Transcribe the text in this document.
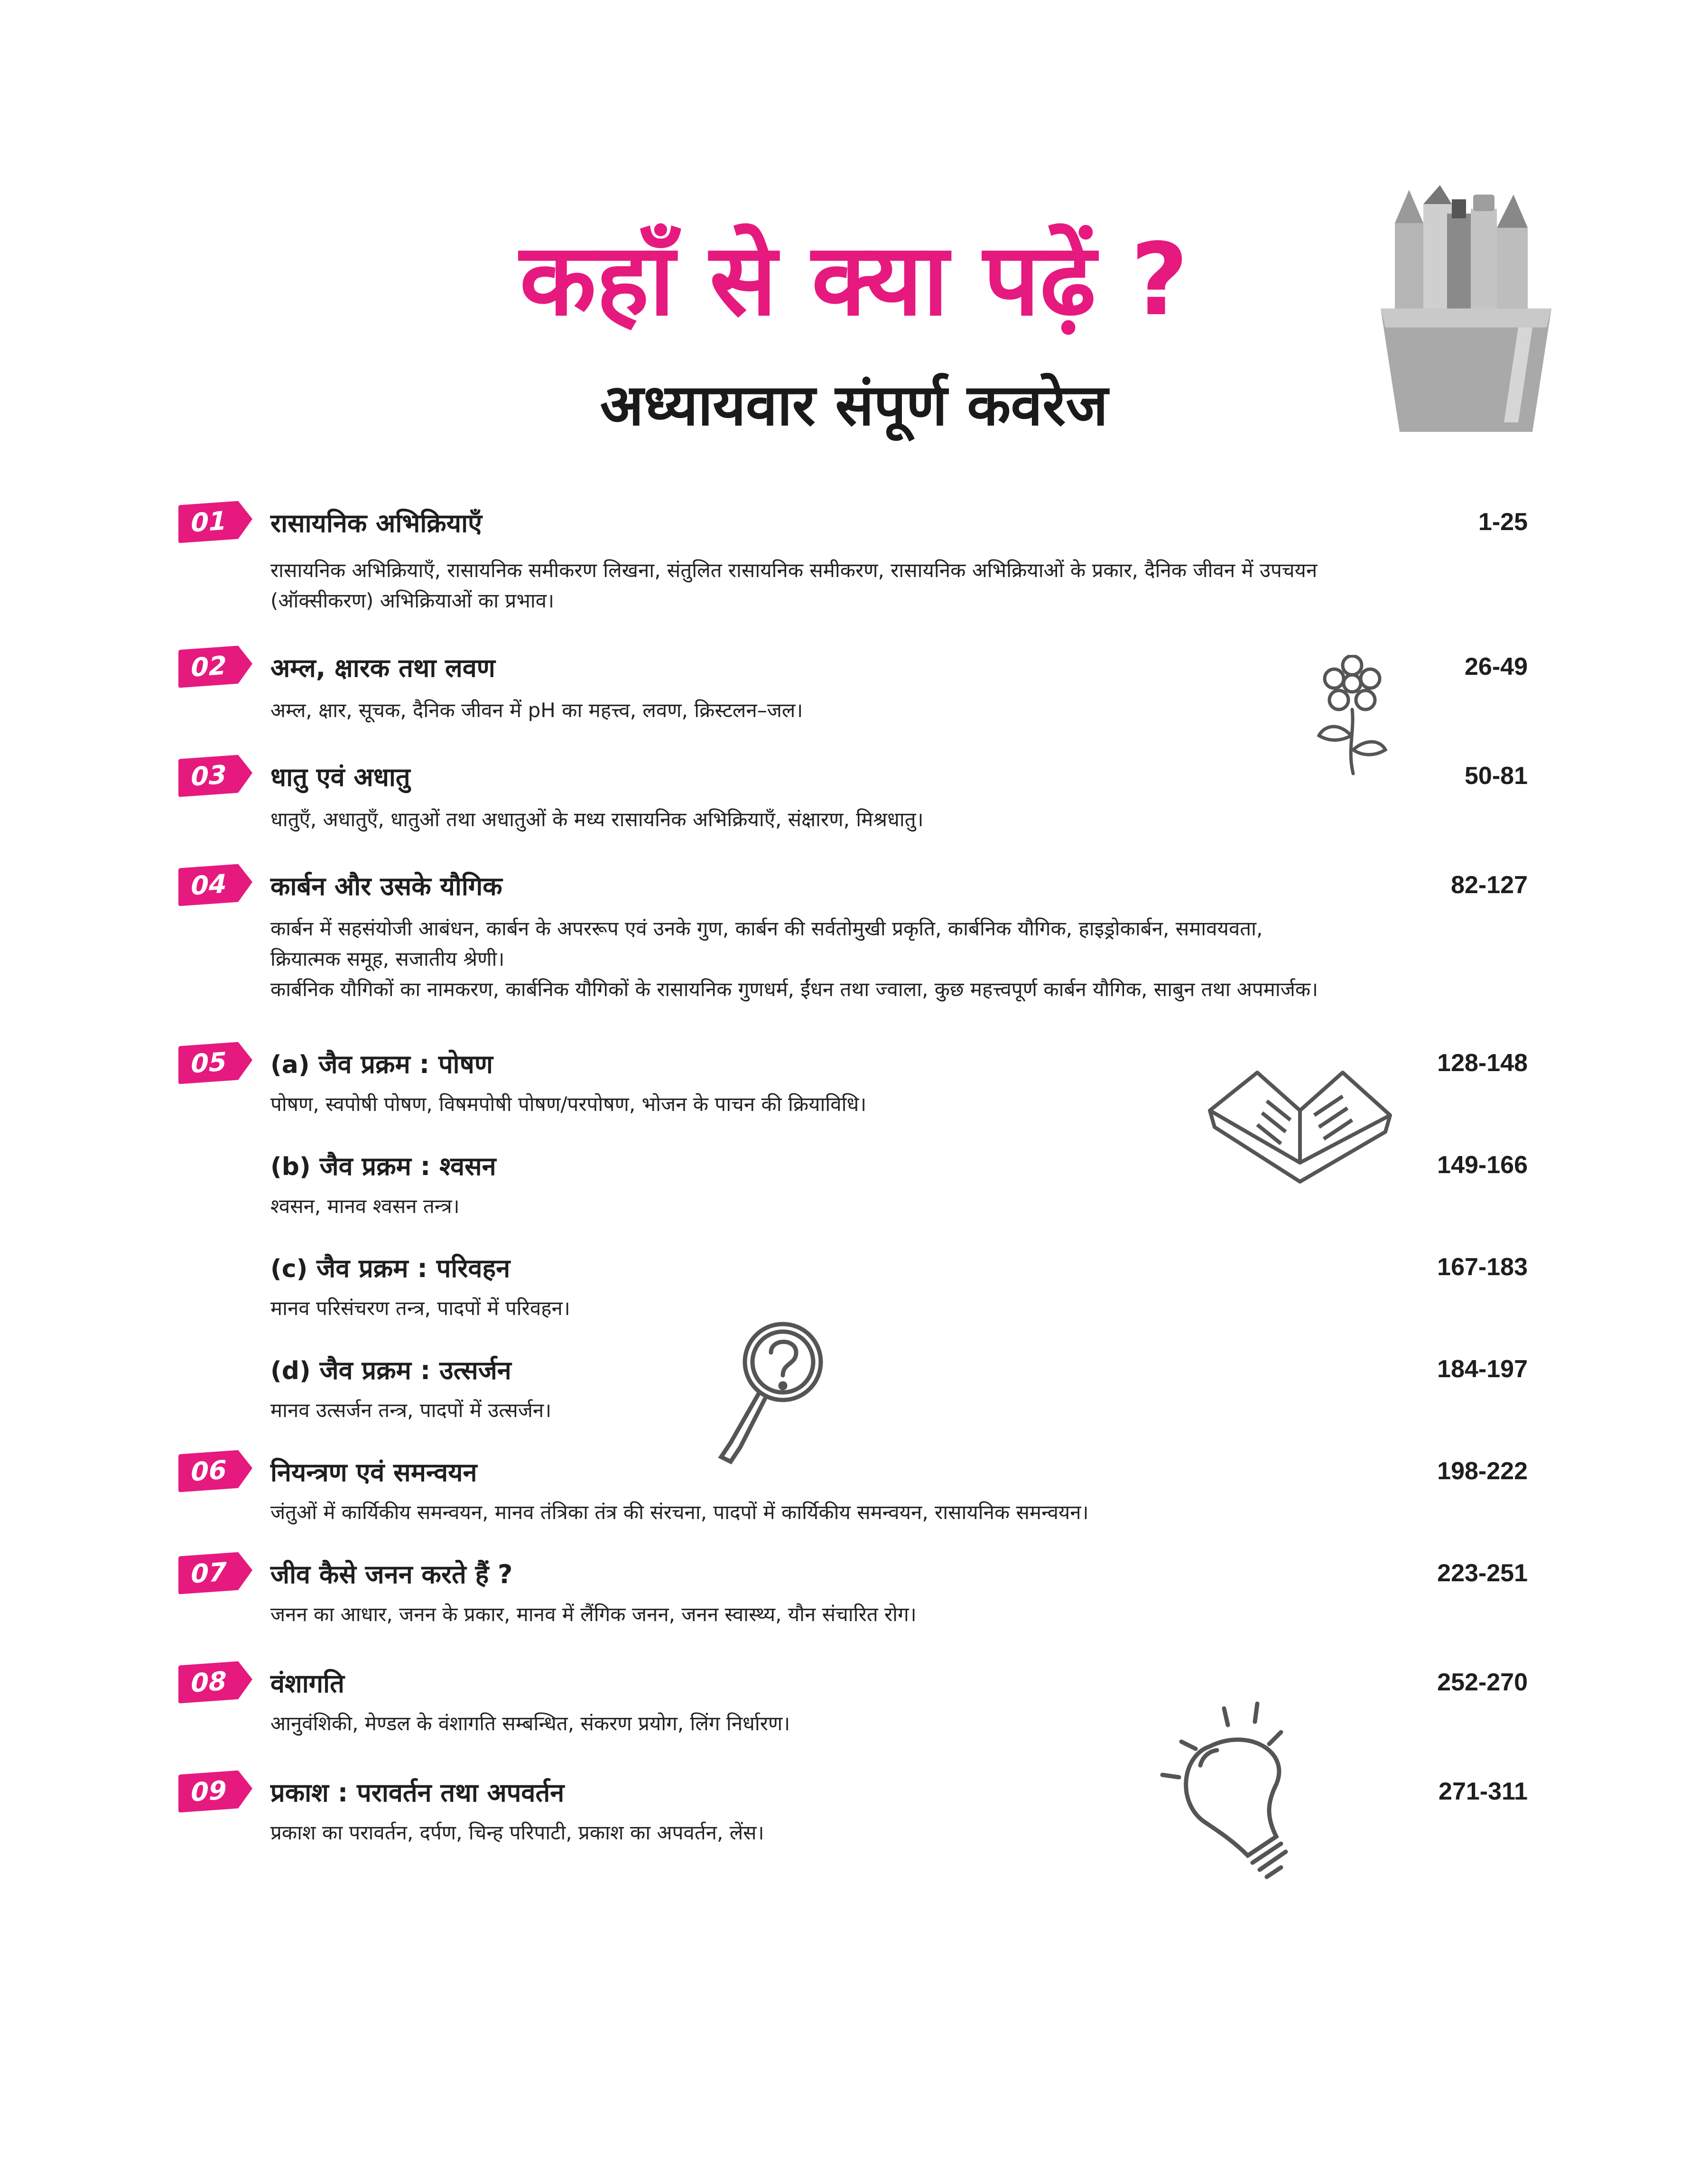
कहाँ से क्या पढ़ें ?
अध्यायवार संपूर्ण कवरेज
01	रासायनिक अभिक्रियाएँ	1-25
रासायनिक अभिक्रियाएँ, रासायनिक समीकरण लिखना, संतुलित रासायनिक समीकरण, रासायनिक अभिक्रियाओं के प्रकार, दैनिक जीवन में उपचयन
(ऑक्सीकरण) अभिक्रियाओं का प्रभाव।
02	अम्ल, क्षारक तथा लवण	26-49
अम्ल, क्षार, सूचक, दैनिक जीवन में pH का महत्त्व, लवण, क्रिस्टलन–जल।
03	धातु एवं अधातु	50-81
धातुएँ, अधातुएँ, धातुओं तथा अधातुओं के मध्य रासायनिक अभिक्रियाएँ, संक्षारण, मिश्रधातु।
04	कार्बन और उसके यौगिक	82-127
कार्बन में सहसंयोजी आबंधन, कार्बन के अपररूप एवं उनके गुण, कार्बन की सर्वतोमुखी प्रकृति, कार्बनिक यौगिक, हाइड्रोकार्बन, समावयवता,
क्रियात्मक समूह, सजातीय श्रेणी।
कार्बनिक यौगिकों का नामकरण, कार्बनिक यौगिकों के रासायनिक गुणधर्म, ईंधन तथा ज्वाला, कुछ महत्त्वपूर्ण कार्बन यौगिक, साबुन तथा अपमार्जक।
05	(a) जैव प्रक्रम : पोषण	128-148
पोषण, स्वपोषी पोषण, विषमपोषी पोषण/परपोषण, भोजन के पाचन की क्रियाविधि।
(b) जैव प्रक्रम : श्वसन	149-166
श्वसन, मानव श्वसन तन्त्र।
(c) जैव प्रक्रम : परिवहन	167-183
मानव परिसंचरण तन्त्र, पादपों में परिवहन।
(d) जैव प्रक्रम : उत्सर्जन	184-197
मानव उत्सर्जन तन्त्र, पादपों में उत्सर्जन।
06	नियन्त्रण एवं समन्वयन	198-222
जंतुओं में कार्यिकीय समन्वयन, मानव तंत्रिका तंत्र की संरचना, पादपों में कार्यिकीय समन्वयन, रासायनिक समन्वयन।
07	जीव कैसे जनन करते हैं ?	223-251
जनन का आधार, जनन के प्रकार, मानव में लैंगिक जनन, जनन स्वास्थ्य, यौन संचारित रोग।
08	वंशागति	252-270
आनुवंशिकी, मेण्डल के वंशागति सम्बन्धित, संकरण प्रयोग, लिंग निर्धारण।
09	प्रकाश : परावर्तन तथा अपवर्तन	271-311
प्रकाश का परावर्तन, दर्पण, चिन्ह परिपाटी, प्रकाश का अपवर्तन, लेंस।
